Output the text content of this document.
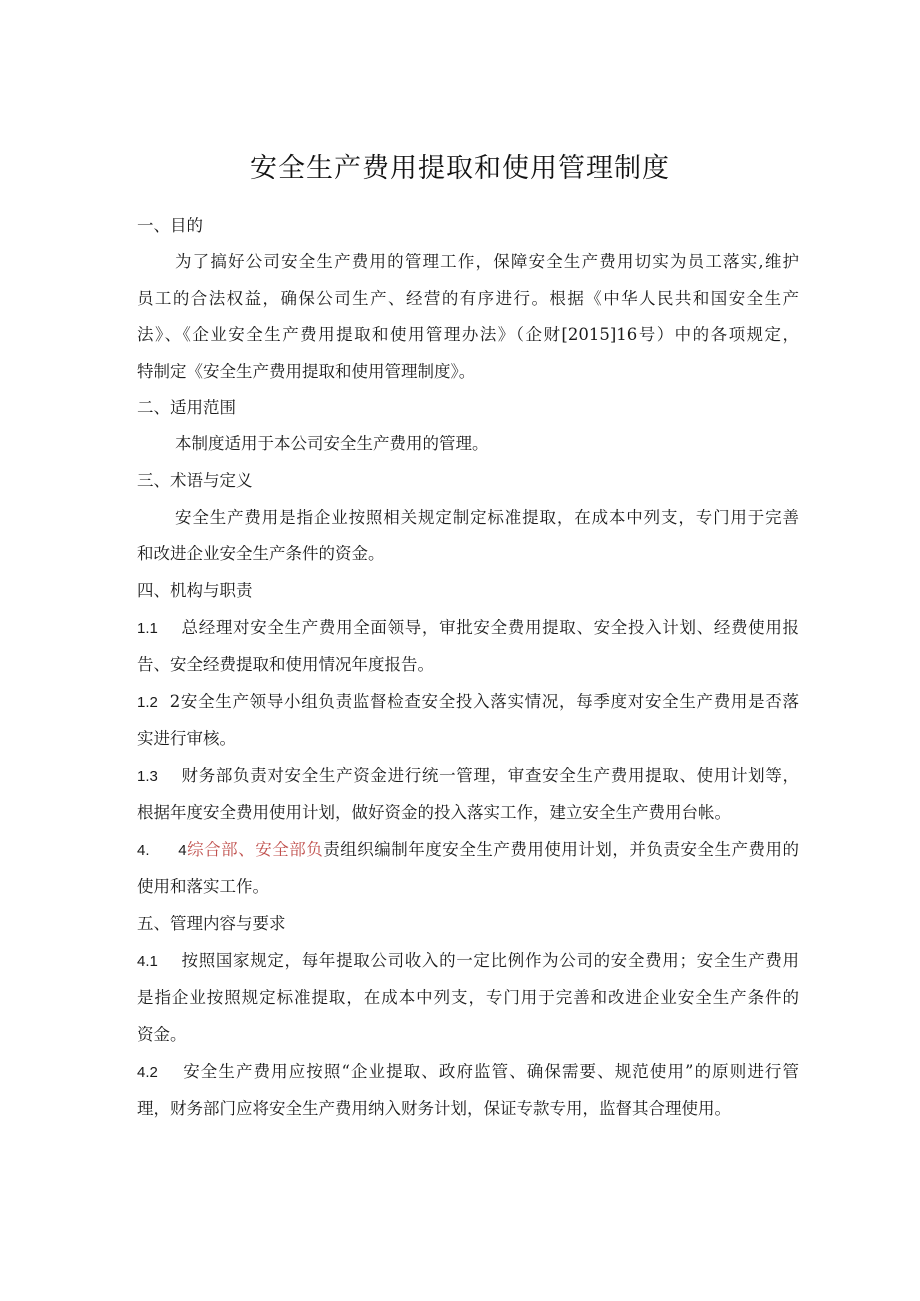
安全生产费用提取和使用管理制度
一、目的
为了搞好公司安全生产费用的管理工作，保障安全生产费用切实为员工落实,维护
员工的合法权益，确保公司生产、经营的有序进行。根据《中华人民共和国安全生产
法》、《企业安全生产费用提取和使用管理办法》（企财[2015]16号）中的各项规定，
特制定《安全生产费用提取和使用管理制度》。
二、适用范围
本制度适用于本公司安全生产费用的管理。
三、术语与定义
安全生产费用是指企业按照相关规定制定标准提取，在成本中列支，专门用于完善
和改进企业安全生产条件的资金。
四、机构与职责
1.1 总经理对安全生产费用全面领导，审批安全费用提取、安全投入计划、经费使用报
告、安全经费提取和使用情况年度报告。
1.2 2安全生产领导小组负责监督检查安全投入落实情况，每季度对安全生产费用是否落
实进行审核。
1.3 财务部负责对安全生产资金进行统一管理，审查安全生产费用提取、使用计划等，
根据年度安全费用使用计划，做好资金的投入落实工作，建立安全生产费用台帐。
4. 4综合部、安全部负责组织编制年度安全生产费用使用计划，并负责安全生产费用的
使用和落实工作。
五、管理内容与要求
4.1 按照国家规定，每年提取公司收入的一定比例作为公司的安全费用；安全生产费用
是指企业按照规定标准提取，在成本中列支，专门用于完善和改进企业安全生产条件的
资金。
4.2 安全生产费用应按照“企业提取、政府监管、确保需要、规范使用”的原则进行管
理，财务部门应将安全生产费用纳入财务计划，保证专款专用，监督其合理使用。
